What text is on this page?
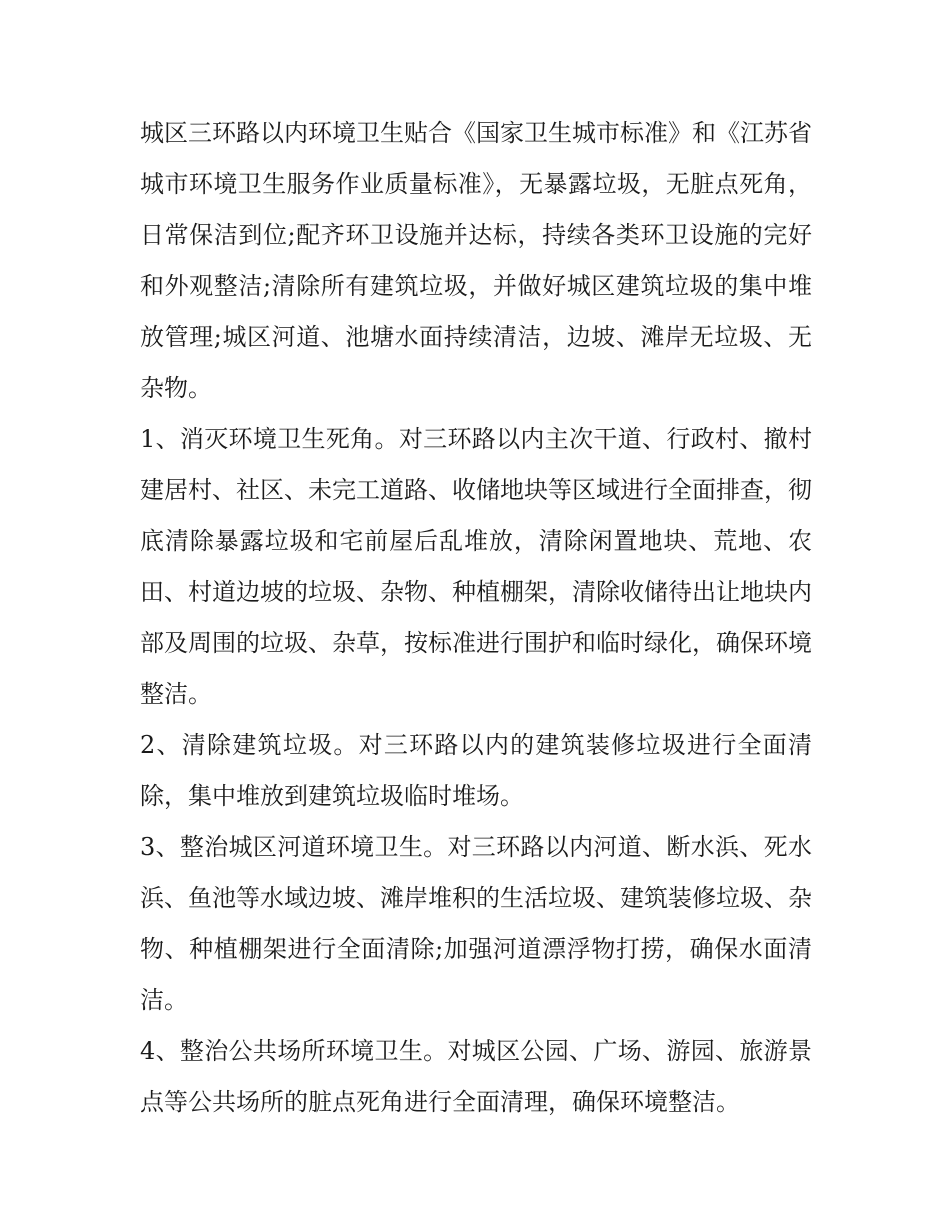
城区三环路以内环境卫生贴合《国家卫生城市标准》和《江苏省城市环境卫生服务作业质量标准》，无暴露垃圾，无脏点死角，日常保洁到位;配齐环卫设施并达标，持续各类环卫设施的完好和外观整洁;清除所有建筑垃圾，并做好城区建筑垃圾的集中堆放管理;城区河道、池塘水面持续清洁，边坡、滩岸无垃圾、无杂物。

1、消灭环境卫生死角。对三环路以内主次干道、行政村、撤村建居村、社区、未完工道路、收储地块等区域进行全面排查，彻底清除暴露垃圾和宅前屋后乱堆放，清除闲置地块、荒地、农田、村道边坡的垃圾、杂物、种植棚架，清除收储待出让地块内部及周围的垃圾、杂草，按标准进行围护和临时绿化，确保环境整洁。

2、清除建筑垃圾。对三环路以内的建筑装修垃圾进行全面清除，集中堆放到建筑垃圾临时堆场。

3、整治城区河道环境卫生。对三环路以内河道、断水浜、死水浜、鱼池等水域边坡、滩岸堆积的生活垃圾、建筑装修垃圾、杂物、种植棚架进行全面清除;加强河道漂浮物打捞，确保水面清洁。

4、整治公共场所环境卫生。对城区公园、广场、游园、旅游景点等公共场所的脏点死角进行全面清理，确保环境整洁。
